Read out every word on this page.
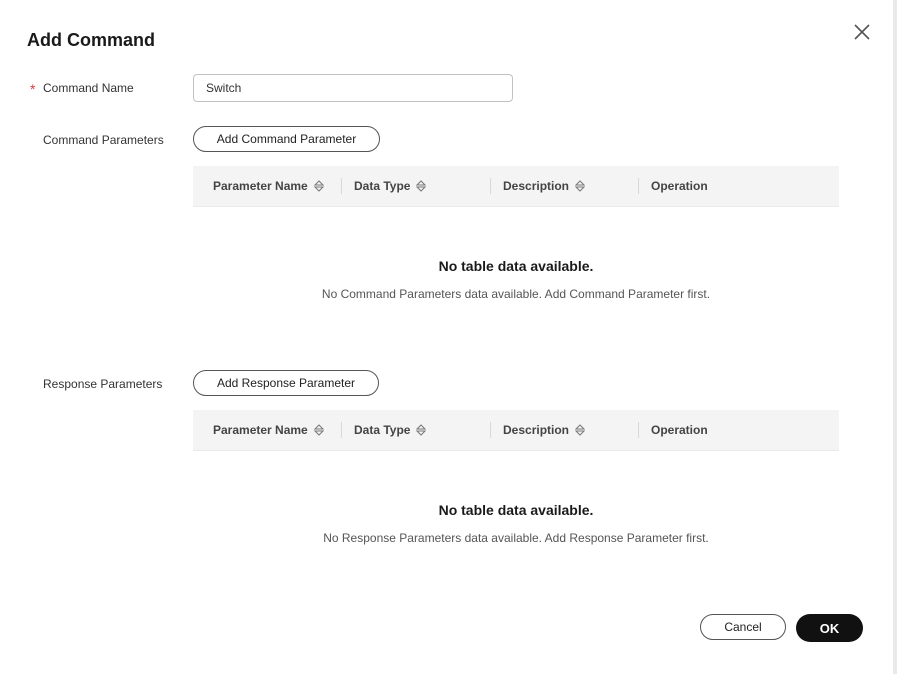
Add Command
* Command Name
Switch
Command Parameters	Add Command Parameter
Parameter Name	Data Type	Description	Operation
No table data available.
No Command Parameters data available. Add Command Parameter first.
Response Parameters	Add Response Parameter
Parameter Name	Data Type	Description	Operation
No table data available.
No Response Parameters data available. Add Response Parameter first.
Cancel	OK
